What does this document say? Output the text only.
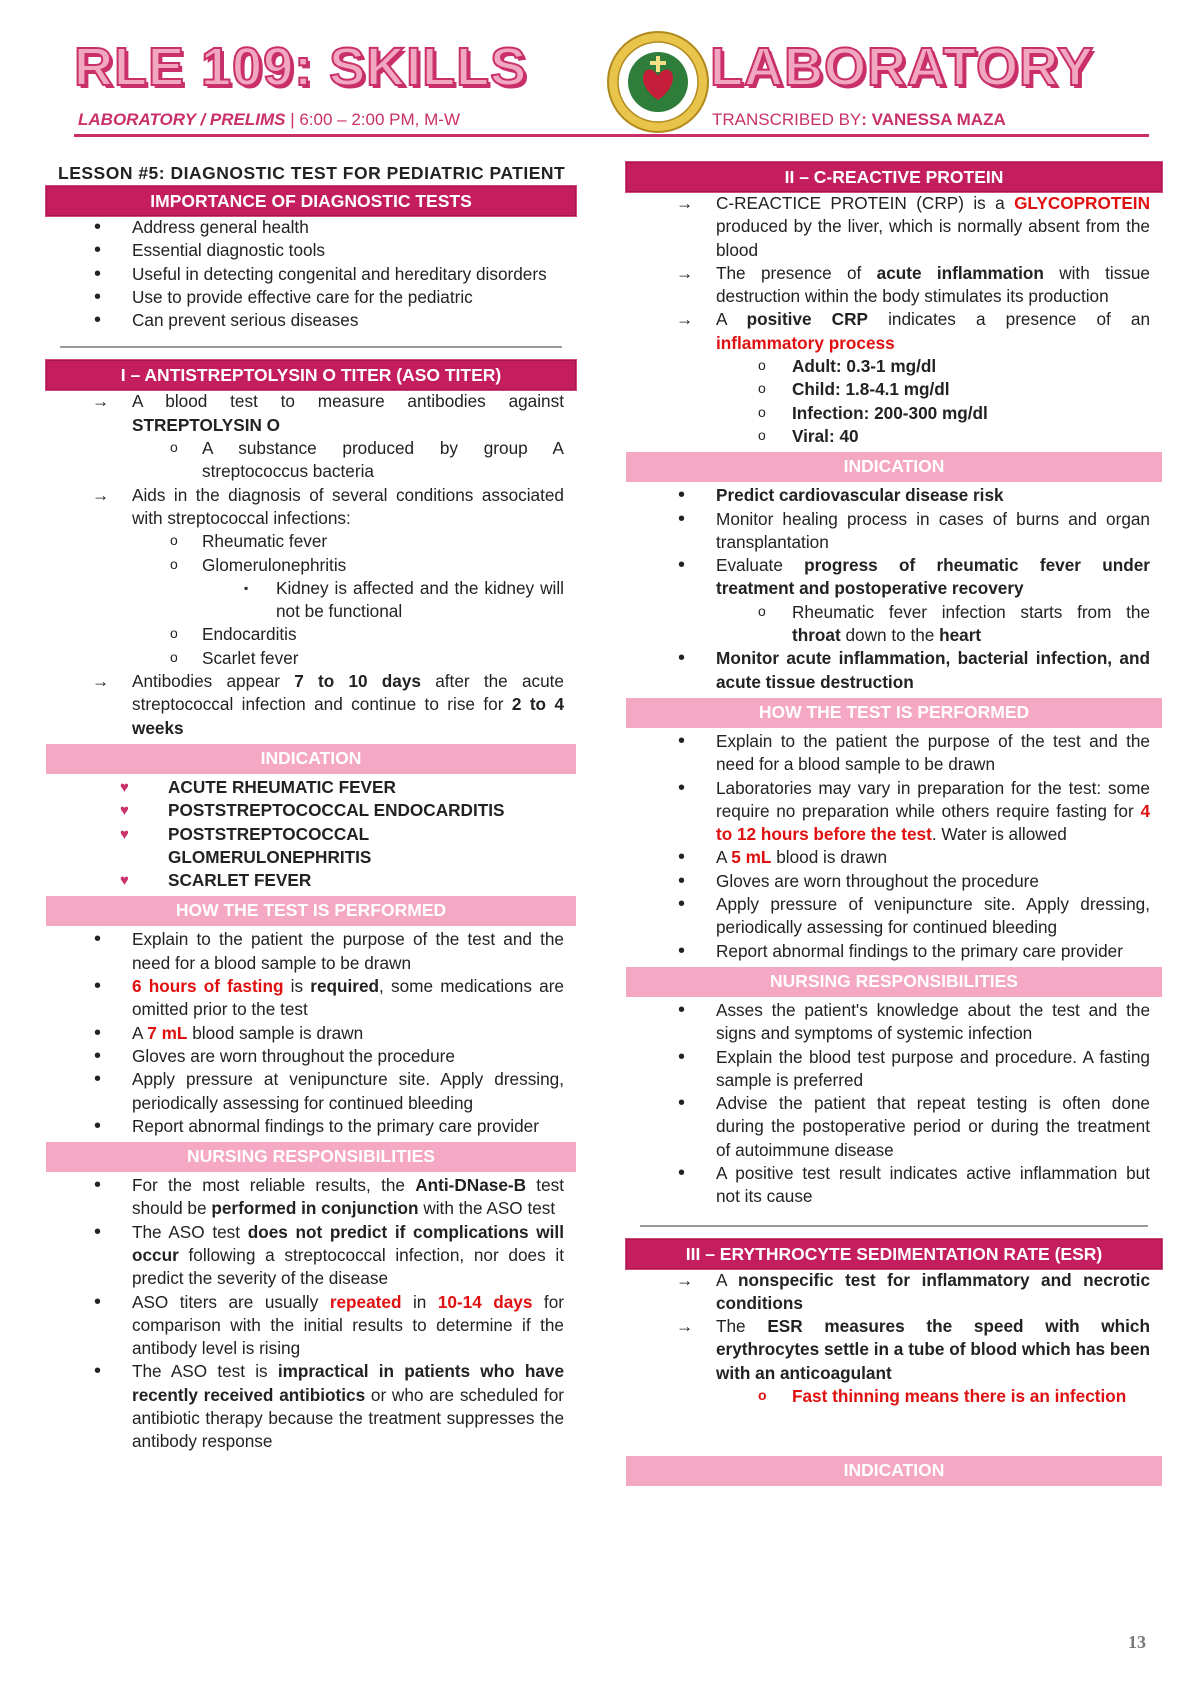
RLE 109: SKILLS	LABORATORY
LABORATORY / PRELIMS | 6:00 – 2:00 PM, M-W	TRANSCRIBED BY: VANESSA MAZA
LESSON #5: DIAGNOSTIC TEST FOR PEDIATRIC PATIENT
IMPORTANCE OF DIAGNOSTIC TESTS
• Address general health
• Essential diagnostic tools
• Useful in detecting congenital and hereditary disorders
• Use to provide effective care for the pediatric
• Can prevent serious diseases
I – ANTISTREPTOLYSIN O TITER (ASO TITER)
→ A blood test to measure antibodies against STREPTOLYSIN O
o A substance produced by group A streptococcus bacteria
→ Aids in the diagnosis of several conditions associated with streptococcal infections:
o Rheumatic fever
o Glomerulonephritis
▪ Kidney is affected and the kidney will not be functional
o Endocarditis
o Scarlet fever
→ Antibodies appear 7 to 10 days after the acute streptococcal infection and continue to rise for 2 to 4 weeks
INDICATION
♥ ACUTE RHEUMATIC FEVER
♥ POSTSTREPTOCOCCAL ENDOCARDITIS
♥ POSTSTREPTOCOCCAL GLOMERULONEPHRITIS
♥ SCARLET FEVER
HOW THE TEST IS PERFORMED
• Explain to the patient the purpose of the test and the need for a blood sample to be drawn
• 6 hours of fasting is required, some medications are omitted prior to the test
• A 7 mL blood sample is drawn
• Gloves are worn throughout the procedure
• Apply pressure at venipuncture site. Apply dressing, periodically assessing for continued bleeding
• Report abnormal findings to the primary care provider
NURSING RESPONSIBILITIES
• For the most reliable results, the Anti-DNase-B test should be performed in conjunction with the ASO test
• The ASO test does not predict if complications will occur following a streptococcal infection, nor does it predict the severity of the disease
• ASO titers are usually repeated in 10-14 days for comparison with the initial results to determine if the antibody level is rising
• The ASO test is impractical in patients who have recently received antibiotics or who are scheduled for antibiotic therapy because the treatment suppresses the antibody response
II – C-REACTIVE PROTEIN
→ C-REACTICE PROTEIN (CRP) is a GLYCOPROTEIN produced by the liver, which is normally absent from the blood
→ The presence of acute inflammation with tissue destruction within the body stimulates its production
→ A positive CRP indicates a presence of an inflammatory process
o Adult: 0.3-1 mg/dl
o Child: 1.8-4.1 mg/dl
o Infection: 200-300 mg/dl
o Viral: 40
INDICATION
• Predict cardiovascular disease risk
• Monitor healing process in cases of burns and organ transplantation
• Evaluate progress of rheumatic fever under treatment and postoperative recovery
o Rheumatic fever infection starts from the throat down to the heart
• Monitor acute inflammation, bacterial infection, and acute tissue destruction
HOW THE TEST IS PERFORMED
• Explain to the patient the purpose of the test and the need for a blood sample to be drawn
• Laboratories may vary in preparation for the test: some require no preparation while others require fasting for 4 to 12 hours before the test. Water is allowed
• A 5 mL blood is drawn
• Gloves are worn throughout the procedure
• Apply pressure of venipuncture site. Apply dressing, periodically assessing for continued bleeding
• Report abnormal findings to the primary care provider
NURSING RESPONSIBILITIES
• Asses the patient's knowledge about the test and the signs and symptoms of systemic infection
• Explain the blood test purpose and procedure. A fasting sample is preferred
• Advise the patient that repeat testing is often done during the postoperative period or during the treatment of autoimmune disease
• A positive test result indicates active inflammation but not its cause
III – ERYTHROCYTE SEDIMENTATION RATE (ESR)
→ A nonspecific test for inflammatory and necrotic conditions
→ The ESR measures the speed with which erythrocytes settle in a tube of blood which has been with an anticoagulant
o Fast thinning means there is an infection
INDICATION
13
